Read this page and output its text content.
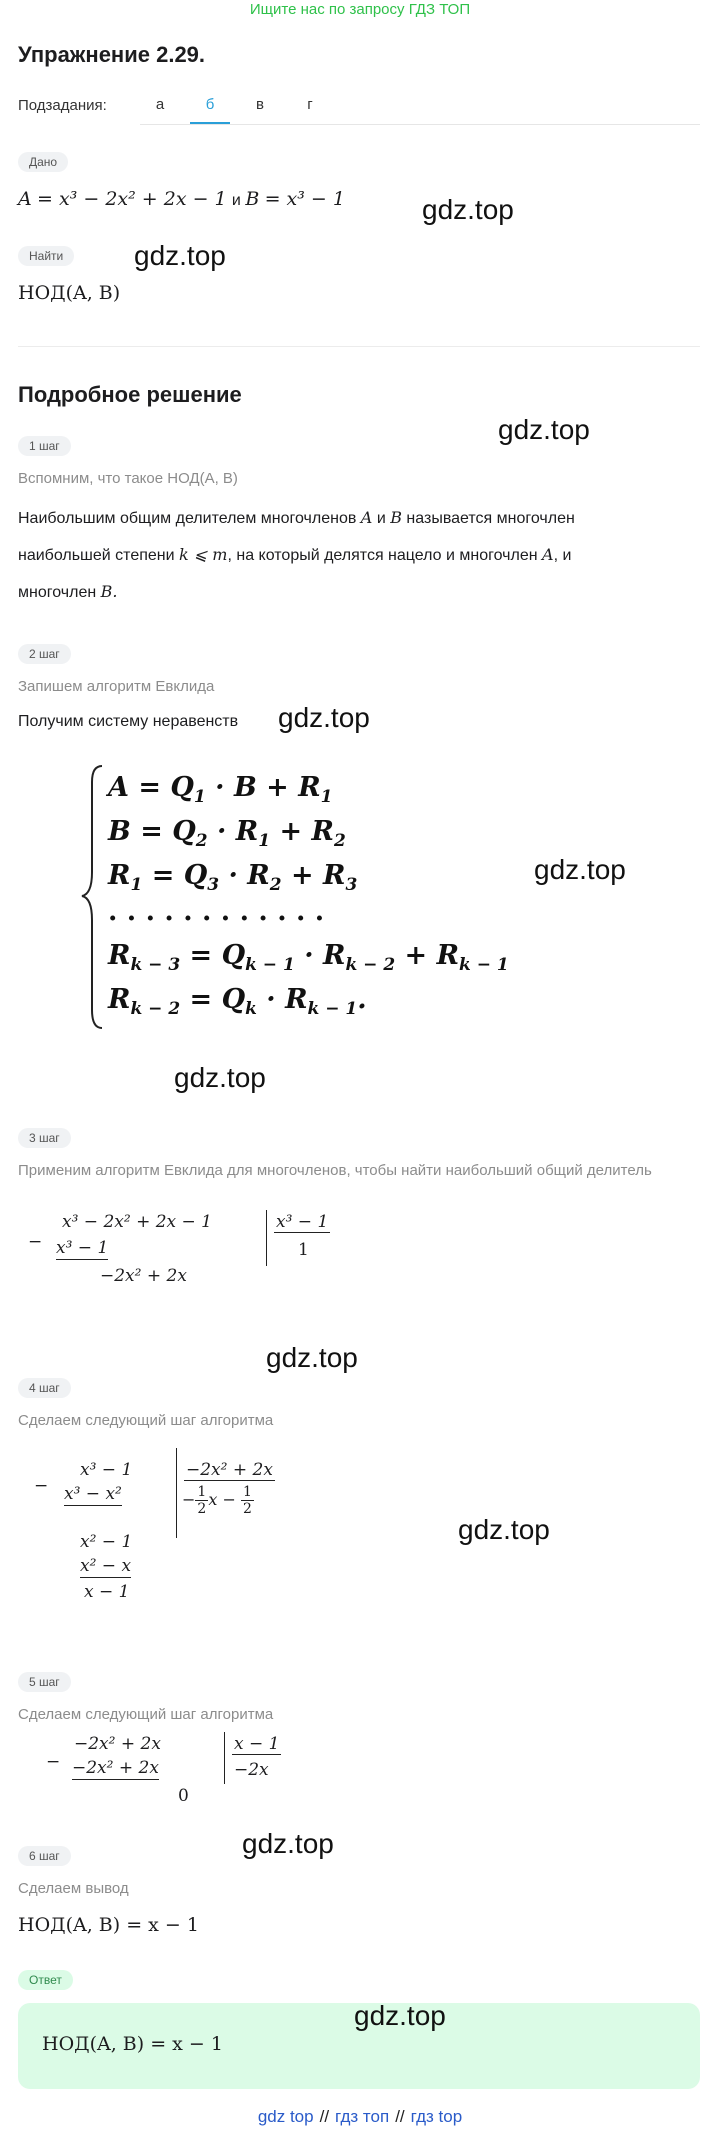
Ищите нас по запросу ГДЗ ТОП
Упражнение 2.29.
Подзадания:	а	б	в	г
Дано
A = x³ − 2x² + 2x − 1 и B = x³ − 1
Найти
НОД(A, B)
Подробное решение
1 шаг
Вспомним, что такое НОД(A, B)
Наибольшим общим делителем многочленов A и B называется многочлен
наибольшей степени k ⩽ m, на который делятся нацело и многочлен A, и
многочлен B.
2 шаг
Запишем алгоритм Евклида
Получим систему неравенств
$A = Q_1 \cdot B + R_1$
$B = Q_2 \cdot R_1 + R_2$
$R_1 = Q_3 \cdot R_2 + R_3$
. . . . . . . . . . . .
$R_{k - 3} = Q_{k - 1} \cdot R_{k - 2} + R_{k - 1}$
$R_{k - 2} = Q_k \cdot R_{k - 1}$.
3 шаг
Применим алгоритм Евклида для многочленов, чтобы найти наибольший общий делитель
−
x³ − 2x² + 2x − 1
x³ − 1
−2x² + 2x
x³ − 1
1
4 шаг
Сделаем следующий шаг алгоритма
−
x³ − 1
x³ − x²
x² − 1
x² − x
x − 1
−2x² + 2x
− $\frac{1}{2}$ $x - \frac{1}{2}$
5 шаг
Сделаем следующий шаг алгоритма
−
−2x² + 2x
−2x² + 2x
0
x − 1
−2x
6 шаг
Сделаем вывод
НОД(A, B) = x − 1
Ответ
НОД(A, B) = x − 1
gdz.top
gdz.top
gdz.top
gdz.top
gdz.top
gdz.top
gdz.top
gdz.top
gdz.top
gdz.top
gdz top // гдз топ // гдз top
